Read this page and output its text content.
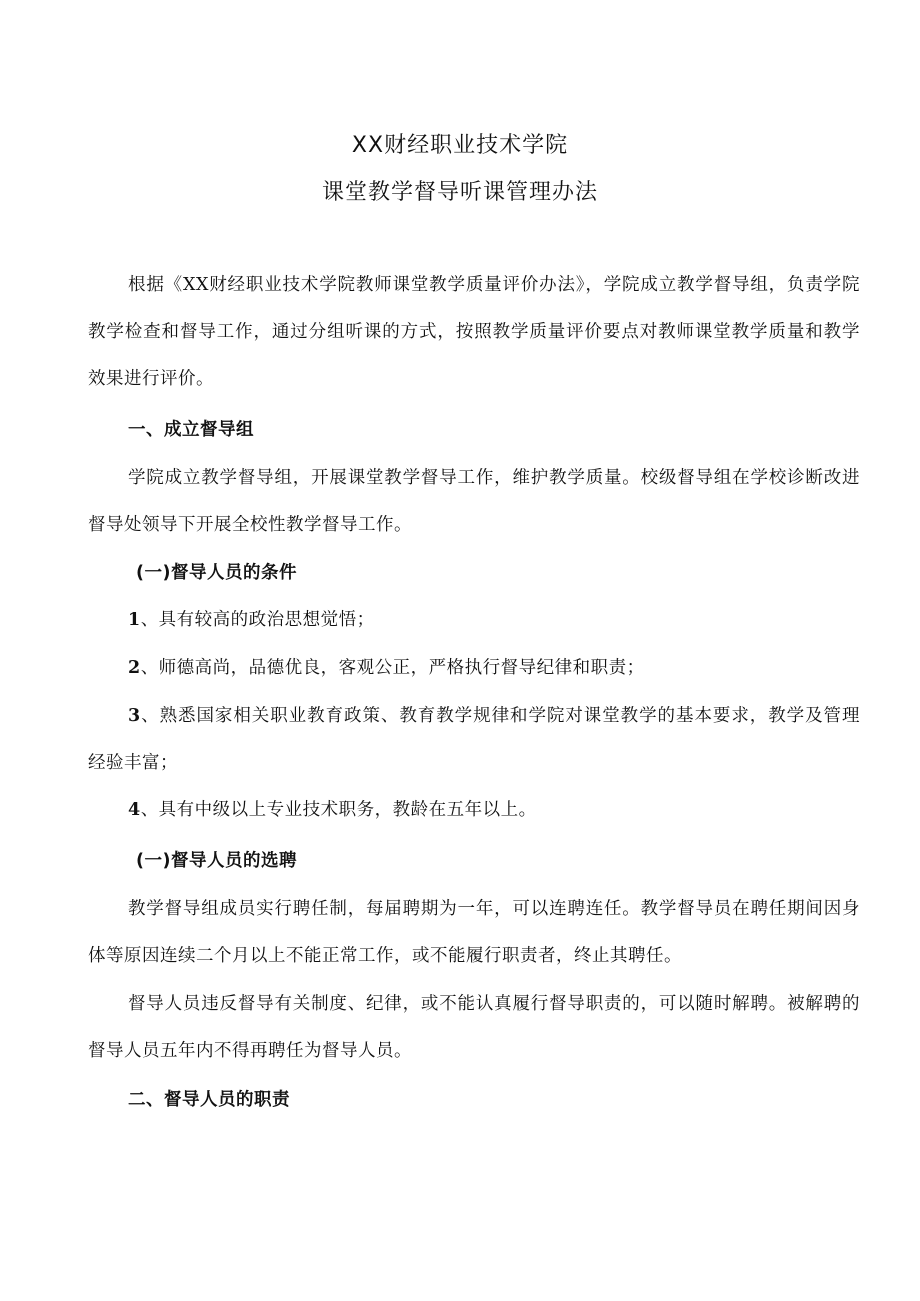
XX财经职业技术学院
课堂教学督导听课管理办法
根据《XX财经职业技术学院教师课堂教学质量评价办法》，学院成立教学督导组，负责学院教学检查和督导工作，通过分组听课的方式，按照教学质量评价要点对教师课堂教学质量和教学效果进行评价。
一、成立督导组
学院成立教学督导组，开展课堂教学督导工作，维护教学质量。校级督导组在学校诊断改进督导处领导下开展全校性教学督导工作。
(一)督导人员的条件
1、具有较高的政治思想觉悟；
2、师德高尚，品德优良，客观公正，严格执行督导纪律和职责；
3、熟悉国家相关职业教育政策、教育教学规律和学院对课堂教学的基本要求，教学及管理经验丰富；
4、具有中级以上专业技术职务，教龄在五年以上。
(一)督导人员的选聘
教学督导组成员实行聘任制，每届聘期为一年，可以连聘连任。教学督导员在聘任期间因身体等原因连续二个月以上不能正常工作，或不能履行职责者，终止其聘任。
督导人员违反督导有关制度、纪律，或不能认真履行督导职责的，可以随时解聘。被解聘的督导人员五年内不得再聘任为督导人员。
二、督导人员的职责
